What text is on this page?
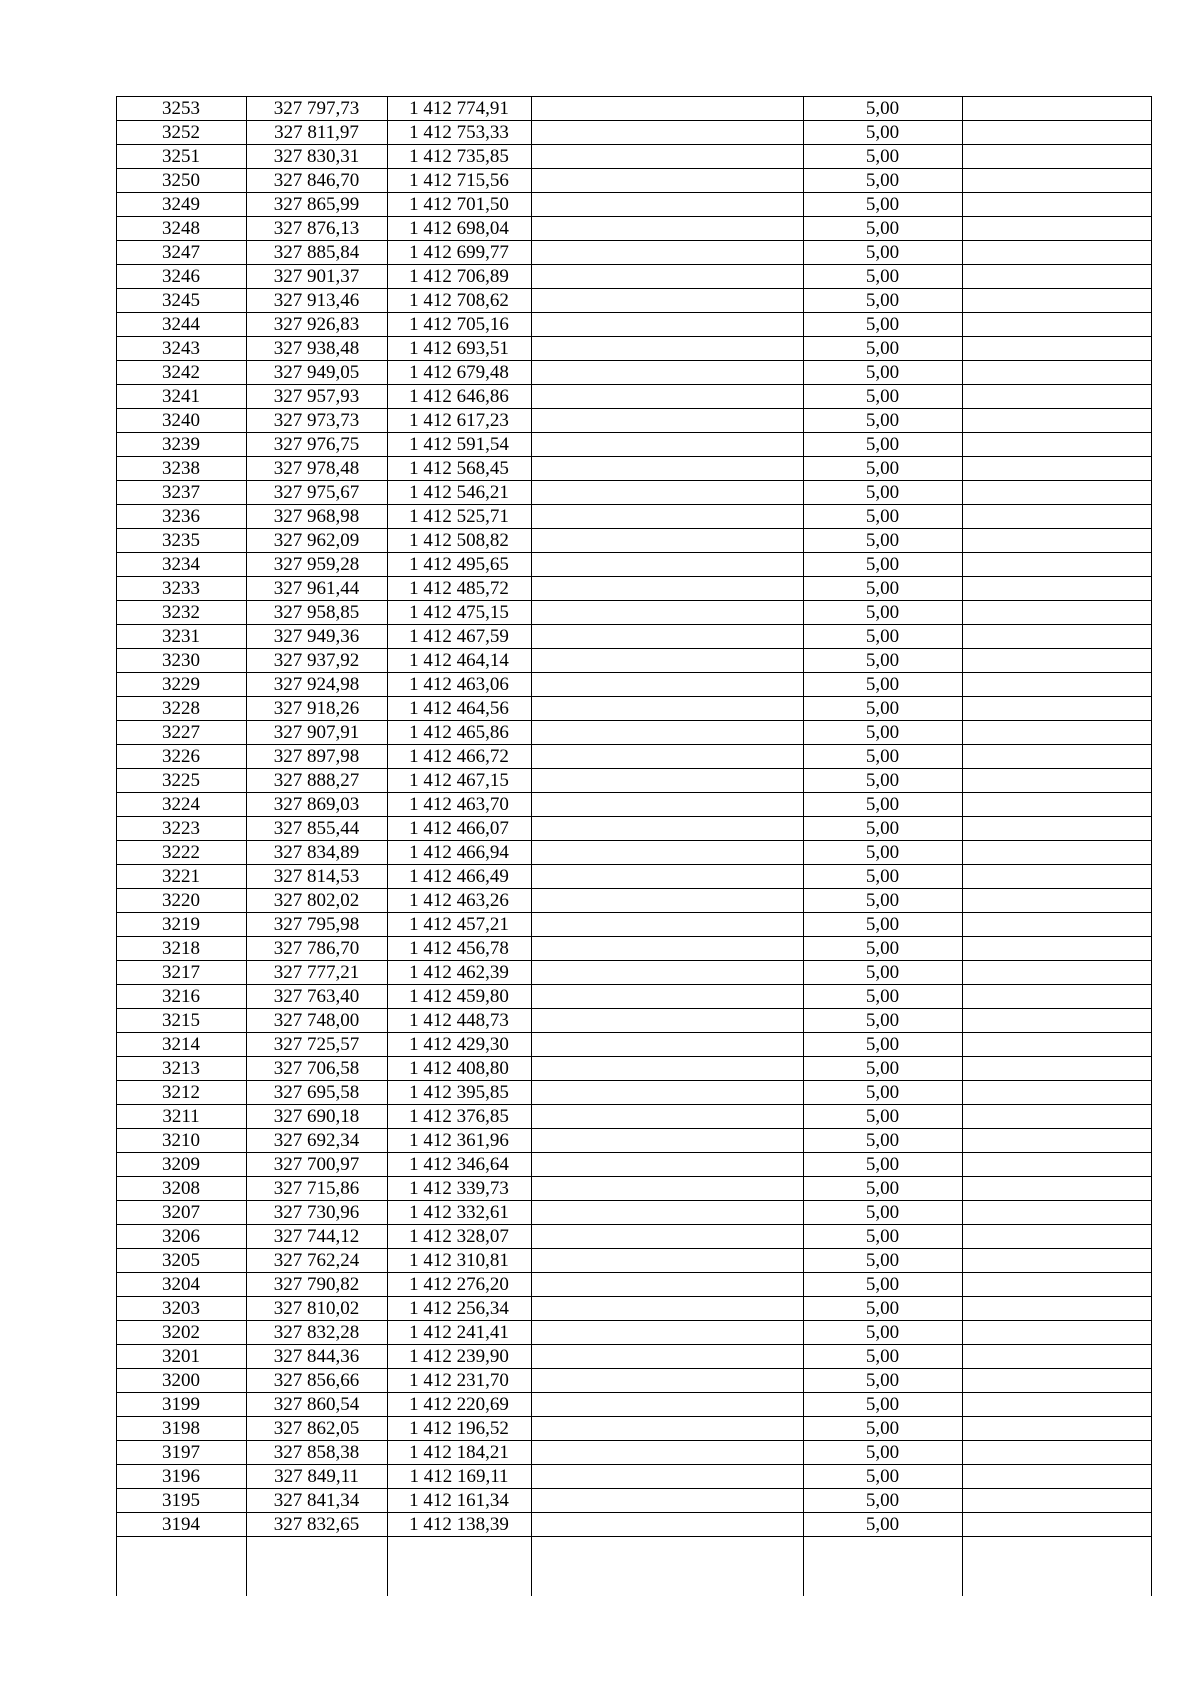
3253	327 797,73	1 412 774,91		5,00	
3252	327 811,97	1 412 753,33		5,00	
3251	327 830,31	1 412 735,85		5,00	
3250	327 846,70	1 412 715,56		5,00	
3249	327 865,99	1 412 701,50		5,00	
3248	327 876,13	1 412 698,04		5,00	
3247	327 885,84	1 412 699,77		5,00	
3246	327 901,37	1 412 706,89		5,00	
3245	327 913,46	1 412 708,62		5,00	
3244	327 926,83	1 412 705,16		5,00	
3243	327 938,48	1 412 693,51		5,00	
3242	327 949,05	1 412 679,48		5,00	
3241	327 957,93	1 412 646,86		5,00	
3240	327 973,73	1 412 617,23		5,00	
3239	327 976,75	1 412 591,54		5,00	
3238	327 978,48	1 412 568,45		5,00	
3237	327 975,67	1 412 546,21		5,00	
3236	327 968,98	1 412 525,71		5,00	
3235	327 962,09	1 412 508,82		5,00	
3234	327 959,28	1 412 495,65		5,00	
3233	327 961,44	1 412 485,72		5,00	
3232	327 958,85	1 412 475,15		5,00	
3231	327 949,36	1 412 467,59		5,00	
3230	327 937,92	1 412 464,14		5,00	
3229	327 924,98	1 412 463,06		5,00	
3228	327 918,26	1 412 464,56		5,00	
3227	327 907,91	1 412 465,86		5,00	
3226	327 897,98	1 412 466,72		5,00	
3225	327 888,27	1 412 467,15		5,00	
3224	327 869,03	1 412 463,70		5,00	
3223	327 855,44	1 412 466,07		5,00	
3222	327 834,89	1 412 466,94		5,00	
3221	327 814,53	1 412 466,49		5,00	
3220	327 802,02	1 412 463,26		5,00	
3219	327 795,98	1 412 457,21		5,00	
3218	327 786,70	1 412 456,78		5,00	
3217	327 777,21	1 412 462,39		5,00	
3216	327 763,40	1 412 459,80		5,00	
3215	327 748,00	1 412 448,73		5,00	
3214	327 725,57	1 412 429,30		5,00	
3213	327 706,58	1 412 408,80		5,00	
3212	327 695,58	1 412 395,85		5,00	
3211	327 690,18	1 412 376,85		5,00	
3210	327 692,34	1 412 361,96		5,00	
3209	327 700,97	1 412 346,64		5,00	
3208	327 715,86	1 412 339,73		5,00	
3207	327 730,96	1 412 332,61		5,00	
3206	327 744,12	1 412 328,07		5,00	
3205	327 762,24	1 412 310,81		5,00	
3204	327 790,82	1 412 276,20		5,00	
3203	327 810,02	1 412 256,34		5,00	
3202	327 832,28	1 412 241,41		5,00	
3201	327 844,36	1 412 239,90		5,00	
3200	327 856,66	1 412 231,70		5,00	
3199	327 860,54	1 412 220,69		5,00	
3198	327 862,05	1 412 196,52		5,00	
3197	327 858,38	1 412 184,21		5,00	
3196	327 849,11	1 412 169,11		5,00	
3195	327 841,34	1 412 161,34		5,00	
3194	327 832,65	1 412 138,39		5,00	
